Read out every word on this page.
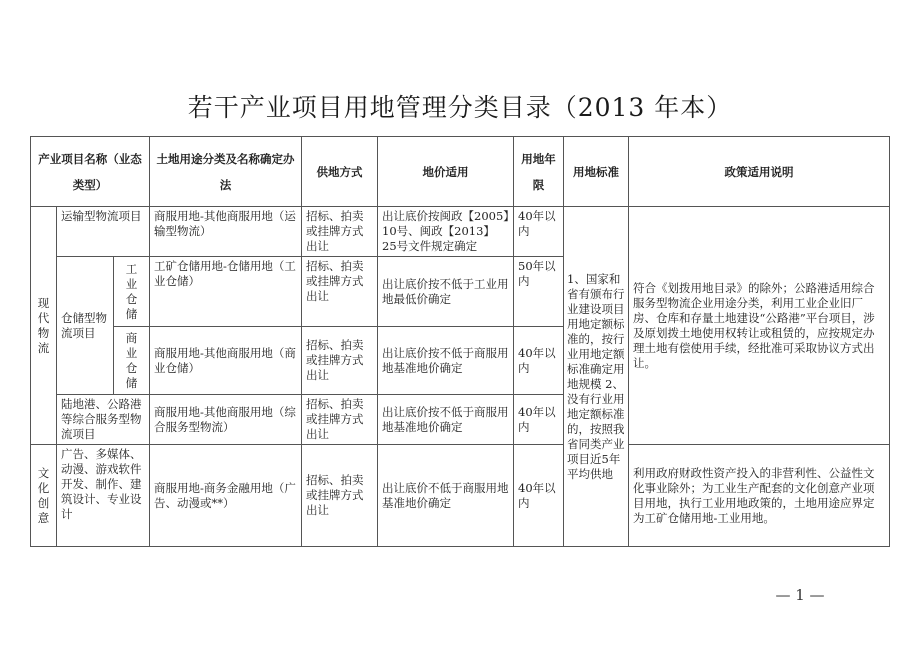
若干产业项目用地管理分类目录（2013 年本）
产业项目名称（业态类型）			土地用途分类及名称确定办法	供地方式	地价适用	用地年限	用地标准	政策适用说明
现代物流	运输型物流项目		商服用地-其他商服用地（运输型物流）	招标、拍卖或挂牌方式出让	出让底价按闽政【2005】10号、闽政【2013】25号文件规定确定	40年以内	1、国家和省有颁布行业建设项目用地定额标准的，按行业用地定额标准确定用地规模 2、没有行业用地定额标准的，按照我省同类产业项目近5年平均供地	符合《划拨用地目录》的除外；公路港适用综合服务型物流企业用途分类，利用工业企业旧厂房、仓库和存量土地建设“公路港”平台项目，涉及原划拨土地使用权转让或租赁的，应按规定办理土地有偿使用手续，经批准可采取协议方式出让。
	仓储型物流项目	工业仓储	工矿仓储用地-仓储用地（工业仓储）	招标、拍卖或挂牌方式出让	出让底价按不低于工业用地最低价确定	50年以内		
		商业仓储	商服用地-其他商服用地（商业仓储）	招标、拍卖或挂牌方式出让	出让底价按不低于商服用地基准地价确定	40年以内		
	陆地港、公路港等综合服务型物流项目		商服用地-其他商服用地（综合服务型物流）	招标、拍卖或挂牌方式出让	出让底价按不低于商服用地基准地价确定	40年以内		
文化创意	广告、多媒体、动漫、游戏软件开发、制作、建筑设计、专业设计		商服用地-商务金融用地（广告、动漫或**）	招标、拍卖或挂牌方式出让	出让底价不低于商服用地基准地价确定	40年以内		利用政府财政性资产投入的非营利性、公益性文化事业除外；为工业生产配套的文化创意产业项目用地，执行工业用地政策的，土地用途应界定为工矿仓储用地-工业用地。
— 1 —
